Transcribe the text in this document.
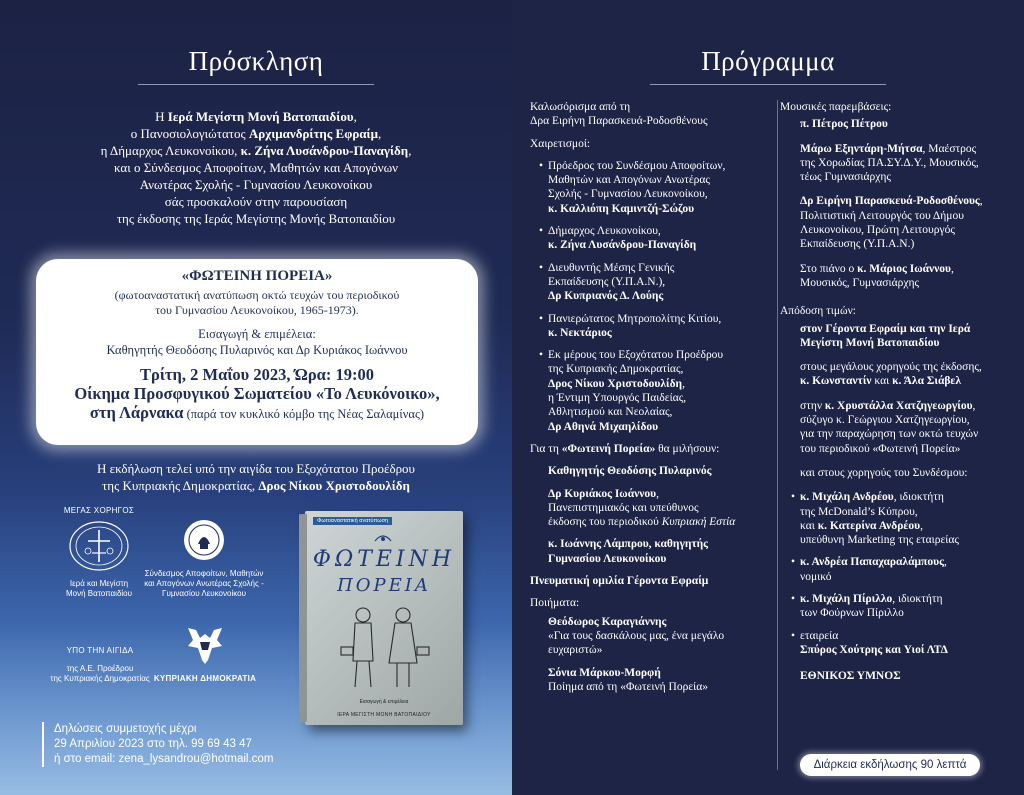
Πρόσκληση
Η Ιερά Μεγίστη Μονή Βατοπαιδίου,
ο Πανοσιολογιώτατος Αρχιμανδρίτης Εφραίμ,
η Δήμαρχος Λευκονοίκου, κ. Ζήνα Λυσάνδρου-Παναγίδη,
και ο Σύνδεσμος Αποφοίτων, Μαθητών και Απογόνων
Ανωτέρας Σχολής - Γυμνασίου Λευκονοίκου
σάς προσκαλούν στην παρουσίαση
της έκδοσης της Ιεράς Μεγίστης Μονής Βατοπαιδίου
«ΦΩΤΕΙΝΗ ΠΟΡΕΙΑ»
(φωτοαναστατική ανατύπωση οκτώ τευχών του περιοδικού
του Γυμνασίου Λευκονοίκου, 1965-1973).
Εισαγωγή & επιμέλεια:
Καθηγητής Θεοδόσης Πυλαρινός και Δρ Κυριάκος Ιωάννου
Τρίτη, 2 Μαΐου 2023, Ώρα: 19:00
Οίκημα Προσφυγικού Σωματείου «Το Λευκόνοικο»,
στη Λάρνακα (παρά τον κυκλικό κόμβο της Νέας Σαλαμίνας)
Η εκδήλωση τελεί υπό την αιγίδα του Εξοχότατου Προέδρου
της Κυπριακής Δημοκρατίας, Δρος Νίκου Χριστοδουλίδη
ΜΕΓΑΣ ΧΟΡΗΓΟΣ
Ιερά και Μεγίστη
Μονή Βατοπαιδίου
Σύνδεσμος Αποφοίτων, Μαθητών
και Απογόνων Ανωτέρας Σχολής -
Γυμνασίου Λευκονοίκου
ΥΠΟ ΤΗΝ ΑΙΓΙΔΑ
της Α.Ε. Προέδρου
της Κυπριακής Δημοκρατίας ΚΥΠΡΙΑΚΗ ΔΗΜΟΚΡΑΤΙΑ
Φωτοαναστατική ανατύπωση
ΦΩΤΕΙΝΗ
ΠΟΡΕΙΑ
Εισαγωγή & επιμέλεια
ΙΕΡΑ ΜΕΓΙΣΤΗ ΜΟΝΗ ΒΑΤΟΠΑΙΔΙΟΥ
Δηλώσεις συμμετοχής μέχρι
29 Απριλίου 2023 στο τηλ. 99 69 43 47
ή στο email: zena_lysandrou@hotmail.com
Πρόγραμμα
Καλωσόρισμα από τη
Δρα Ειρήνη Παρασκευά-Ροδοσθένους
Χαιρετισμοί:
• Πρόεδρος του Συνδέσμου Αποφοίτων,
Μαθητών και Απογόνων Ανωτέρας
Σχολής - Γυμνασίου Λευκονοίκου,
κ. Καλλιόπη Καμιντζή-Σώζου
• Δήμαρχος Λευκονοίκου,
κ. Ζήνα Λυσάνδρου-Παναγίδη
• Διευθυντής Μέσης Γενικής
Εκπαίδευσης (Υ.Π.Α.Ν.),
Δρ Κυπριανός Δ. Λούης
• Πανιερώτατος Μητροπολίτης Κιτίου,
κ. Νεκτάριος
• Εκ μέρους του Εξοχότατου Προέδρου
της Κυπριακής Δημοκρατίας,
Δρος Νίκου Χριστοδουλίδη,
η Έντιμη Υπουργός Παιδείας,
Αθλητισμού και Νεολαίας,
Δρ Αθηνά Μιχαηλίδου
Για τη «Φωτεινή Πορεία» θα μιλήσουν:
Καθηγητής Θεοδόσης Πυλαρινός
Δρ Κυριάκος Ιωάννου,
Πανεπιστημιακός και υπεύθυνος
έκδοσης του περιοδικού Κυπριακή Εστία
κ. Ιωάννης Λάμπρου, καθηγητής
Γυμνασίου Λευκονοίκου
Πνευματική ομιλία Γέροντα Εφραίμ
Ποιήματα:
Θεόδωρος Καραγιάννης
«Για τους δασκάλους μας, ένα μεγάλο
ευχαριστώ»
Σόνια Μάρκου-Μορφή
Ποίημα από τη «Φωτεινή Πορεία»
Μουσικές παρεμβάσεις:
π. Πέτρος Πέτρου
Μάρω Εξηντάρη-Μήτσα, Μαέστρος
της Χορωδίας ΠΑ.ΣΥ.Δ.Υ., Μουσικός,
τέως Γυμνασιάρχης
Δρ Ειρήνη Παρασκευά-Ροδοσθένους,
Πολιτιστική Λειτουργός του Δήμου
Λευκονοίκου, Πρώτη Λειτουργός
Εκπαίδευσης (Υ.Π.Α.Ν.)
Στο πιάνο ο κ. Μάριος Ιωάννου,
Μουσικός, Γυμνασιάρχης
Απόδοση τιμών:
στον Γέροντα Εφραίμ και την Ιερά
Μεγίστη Μονή Βατοπαιδίου
στους μεγάλους χορηγούς της έκδοσης,
κ. Κωνσταντίν και κ. Άλα Σιάβελ
στην κ. Χρυστάλλα Χατζηγεωργίου,
σύζυγο κ. Γεώργιου Χατζηγεωργίου,
για την παραχώρηση των οκτώ τευχών
του περιοδικού «Φωτεινή Πορεία»
και στους χορηγούς του Συνδέσμου:
• κ. Μιχάλη Ανδρέου, ιδιοκτήτη
της McDonald’s Κύπρου,
και κ. Κατερίνα Ανδρέου,
υπεύθυνη Marketing της εταιρείας
• κ. Ανδρέα Παπαχαραλάμπους,
νομικό
• κ. Μιχάλη Πίριλλο, ιδιοκτήτη
των Φούρνων Πίριλλο
• εταιρεία
Σπύρος Χούτρης και Υιοί ΛΤΔ
ΕΘΝΙΚΟΣ ΥΜΝΟΣ
Διάρκεια εκδήλωσης 90 λεπτά
